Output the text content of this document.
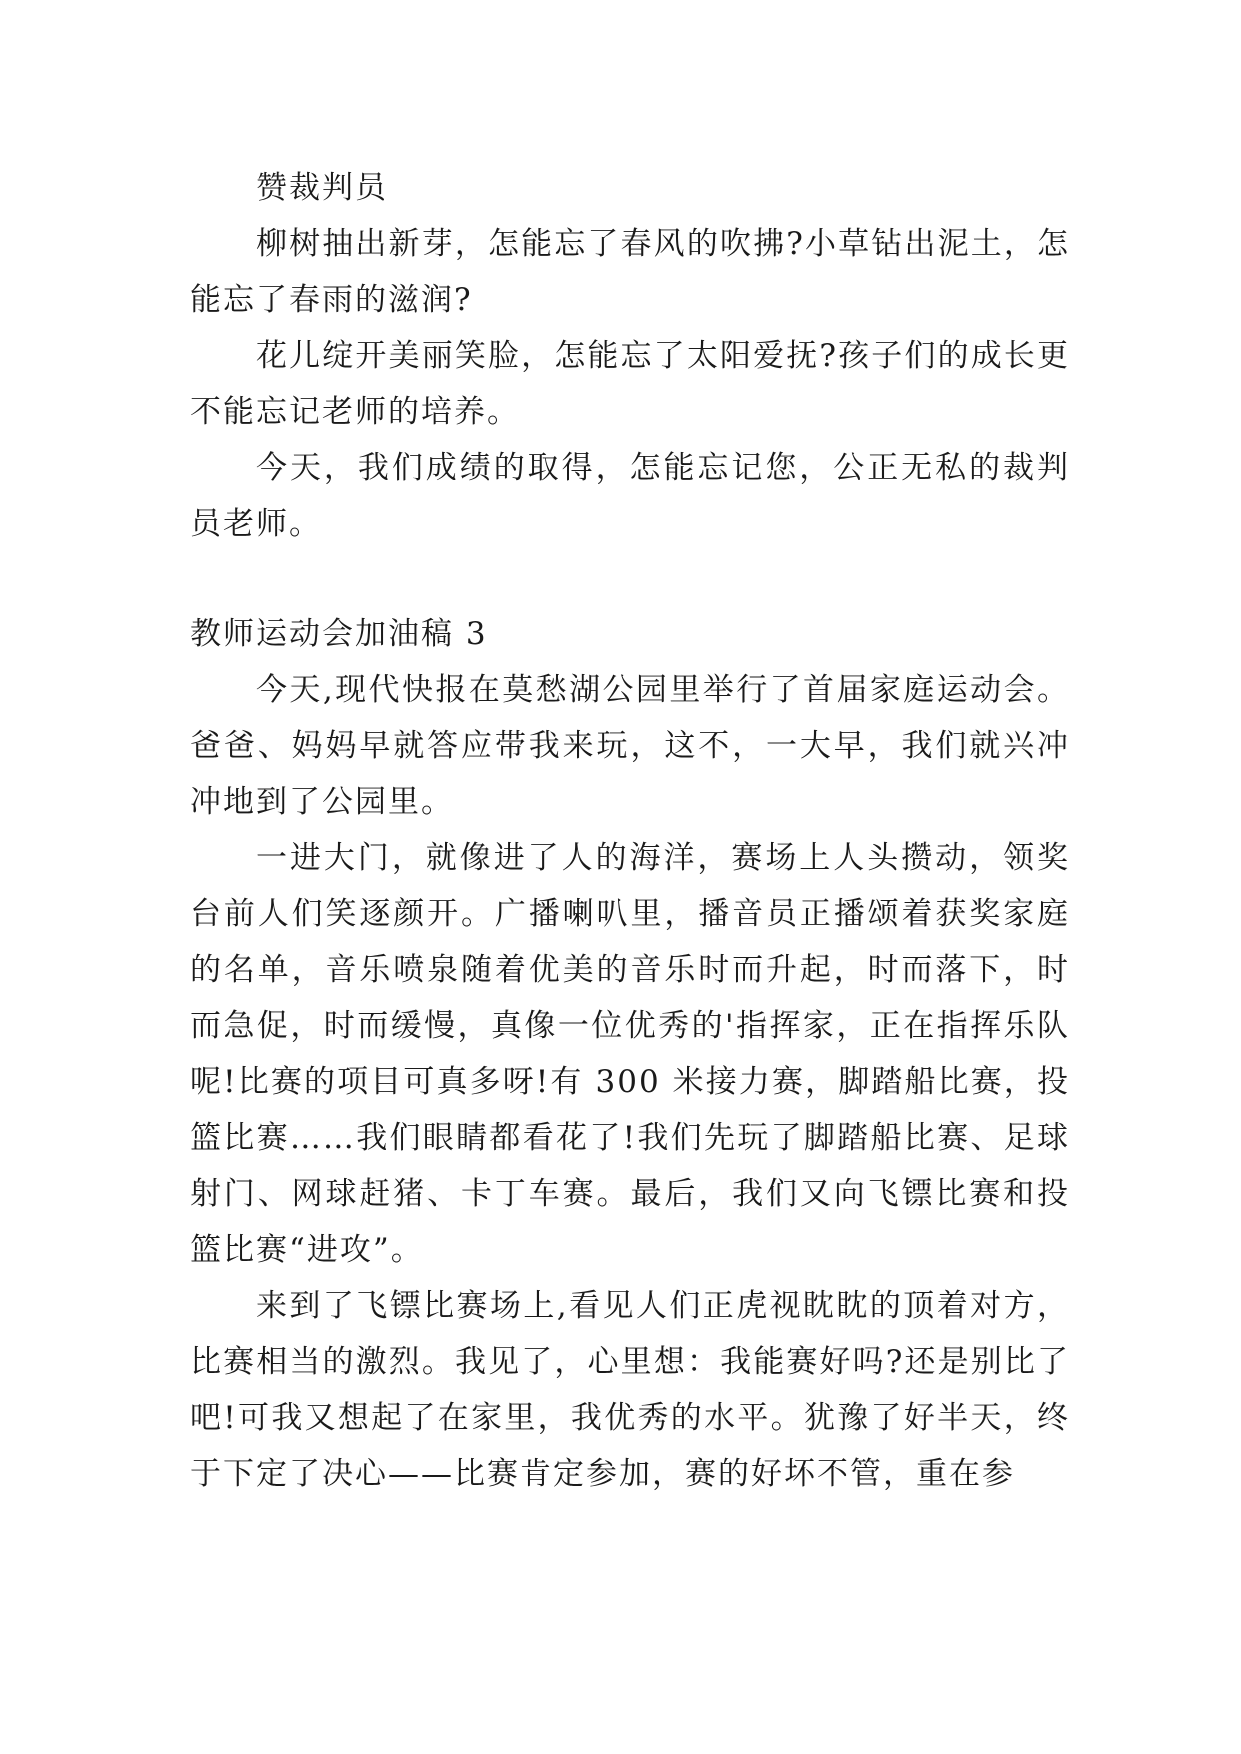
赞裁判员

柳树抽出新芽，怎能忘了春风的吹拂?小草钻出泥土，怎能忘了春雨的滋润?

花儿绽开美丽笑脸，怎能忘了太阳爱抚?孩子们的成长更不能忘记老师的培养。

今天，我们成绩的取得，怎能忘记您，公正无私的裁判员老师。

教师运动会加油稿 3

今天,现代快报在莫愁湖公园里举行了首届家庭运动会。爸爸、妈妈早就答应带我来玩，这不，一大早，我们就兴冲冲地到了公园里。

一进大门，就像进了人的海洋，赛场上人头攒动，领奖台前人们笑逐颜开。广播喇叭里，播音员正播颂着获奖家庭的名单，音乐喷泉随着优美的音乐时而升起，时而落下，时而急促，时而缓慢，真像一位优秀的'指挥家，正在指挥乐队呢!比赛的项目可真多呀!有 300 米接力赛，脚踏船比赛，投篮比赛……我们眼睛都看花了!我们先玩了脚踏船比赛、足球射门、网球赶猪、卡丁车赛。最后，我们又向飞镖比赛和投篮比赛“进攻”。

来到了飞镖比赛场上,看见人们正虎视眈眈的顶着对方，比赛相当的激烈。我见了，心里想：我能赛好吗?还是别比了吧!可我又想起了在家里，我优秀的水平。犹豫了好半天，终于下定了决心——比赛肯定参加，赛的好坏不管，重在参
